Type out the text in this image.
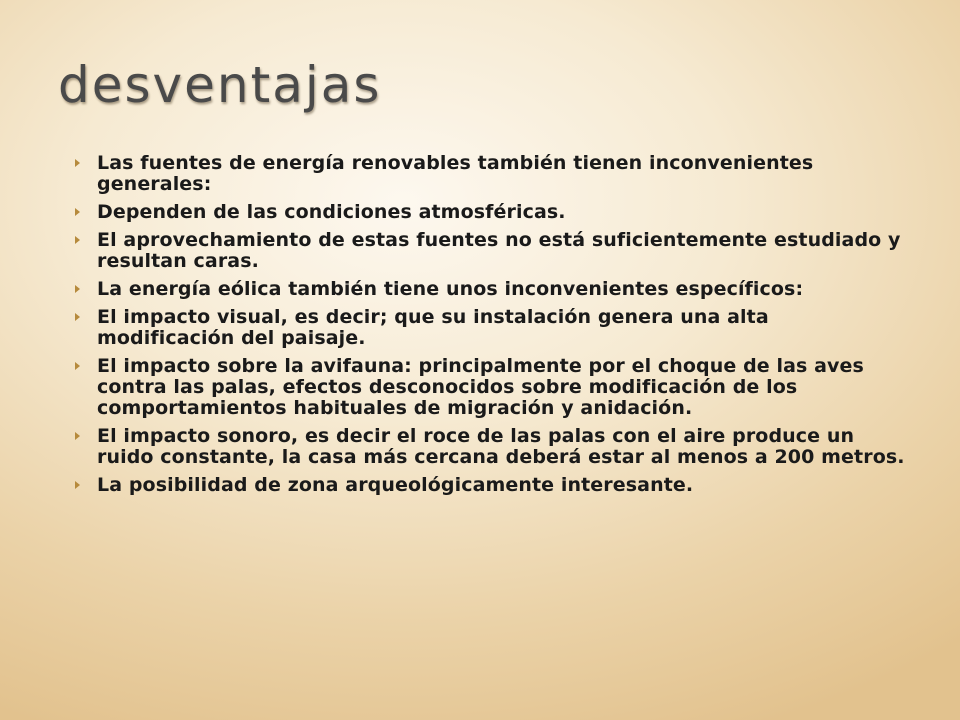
desventajas
Las fuentes de energía renovables también tienen inconvenientes generales:
Dependen de las condiciones atmosféricas.
El aprovechamiento de estas fuentes no está suficientemente estudiado y resultan caras.
La energía eólica también tiene unos inconvenientes específicos:
El impacto visual, es decir; que su instalación genera una alta modificación del paisaje.
El impacto sobre la avifauna: principalmente por el choque de las aves contra las palas, efectos desconocidos sobre modificación de los comportamientos habituales de migración y anidación.
El impacto sonoro, es decir el roce de las palas con el aire produce un ruido constante, la casa más cercana deberá estar al menos a 200 metros.
La posibilidad de zona arqueológicamente interesante.
